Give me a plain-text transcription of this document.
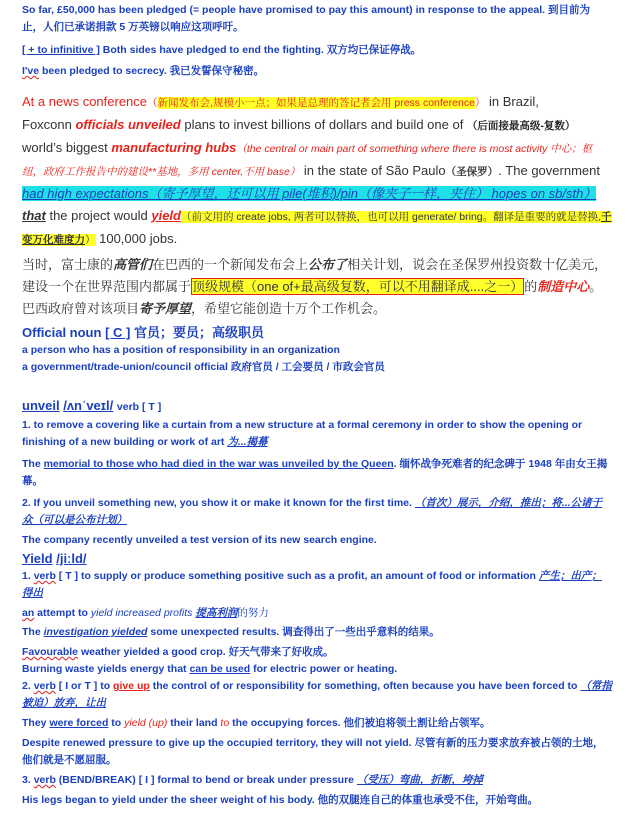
So far, £50,000 has been pledged (= people have promised to pay this amount) in response to the appeal. 到目前为
止，人们已承诺捐款 5 万英镑以响应这项呼吁。
[ + to infinitive ] Both sides have pledged to end the fighting. 双方均已保证停战。
I've been pledged to secrecy. 我已发誓保守秘密。
At a news conference（新闻发布会,规模小一点；如果是总理的答记者会用 press conference） in Brazil,
Foxconn officials unveiled plans to invest billions of dollars and build one of （后面接最高级-复数）world’s biggest manufacturing hubs（the central or main part of something where there is most activity 中心；枢纽，政府工作报告中的建设**基地，多用 center,不用 base） in the state of São Paulo（圣保罗）. The government had high expectations（寄予厚望，还可以用 pile(堆积)/pin（像夹子一样，夹住） hopes on sb/sth）that the project would yield（前文用的 create jobs, 两者可以替换，也可以用 generate/ bring。翻译是重要的就是替换,千变万化难度力） 100,000 jobs.
当时，富士康的高管们在巴西的一个新闻发布会上公布了相关计划，说会在圣保罗州投资数十亿美元，建设一个在世界范围内都属于顶级规模（one of+最高级复数，可以不用翻译成....之一）的制造中心。
巴西政府曾对该项目寄予厚望，希望它能创造十万个工作机会。
Official noun [ C ] 官员；要员；高级职员
a person who has a position of responsibility in an organization
a government/trade-union/council official 政府官员 / 工会要员 / 市政会官员
unveil /ʌnˈveɪl/ verb [ T ]
1. to remove a covering like a curtain from a new structure at a formal ceremony in order to show the opening or finishing of a new building or work of art 为...揭幕
The memorial to those who had died in the war was unveiled by the Queen. 缅怀战争死难者的纪念碑于 1948 年由女王揭幕。
2. If you unveil something new, you show it or make it known for the first time. （首次）展示，介绍，推出；将...公诸于众（可以是公布计划）
The company recently unveiled a test version of its new search engine.
Yield /jiːld/
1. verb [ T ] to supply or produce something positive such as a profit, an amount of food or information 产生；出产；得出
an attempt to yield increased profits 提高利润的努力
The investigation yielded some unexpected results. 调查得出了一些出乎意料的结果。
Favourable weather yielded a good crop. 好天气带来了好收成。
Burning waste yields energy that can be used for electric power or heating.
2. verb [ I or T ] to give up the control of or responsibility for something, often because you have been forced to （常指被迫）放弃，让出
They were forced to yield (up) their land to the occupying forces. 他们被迫将领土割让给占领军。
Despite renewed pressure to give up the occupied territory, they will not yield. 尽管有新的压力要求放弃被占领的土地，他们就是不愿屈服。
3. verb (BEND/BREAK) [ I ] formal to bend or break under pressure （受压）弯曲，折断，垮掉
His legs began to yield under the sheer weight of his body. 他的双腿连自己的体重也承受不住，开始弯曲。
